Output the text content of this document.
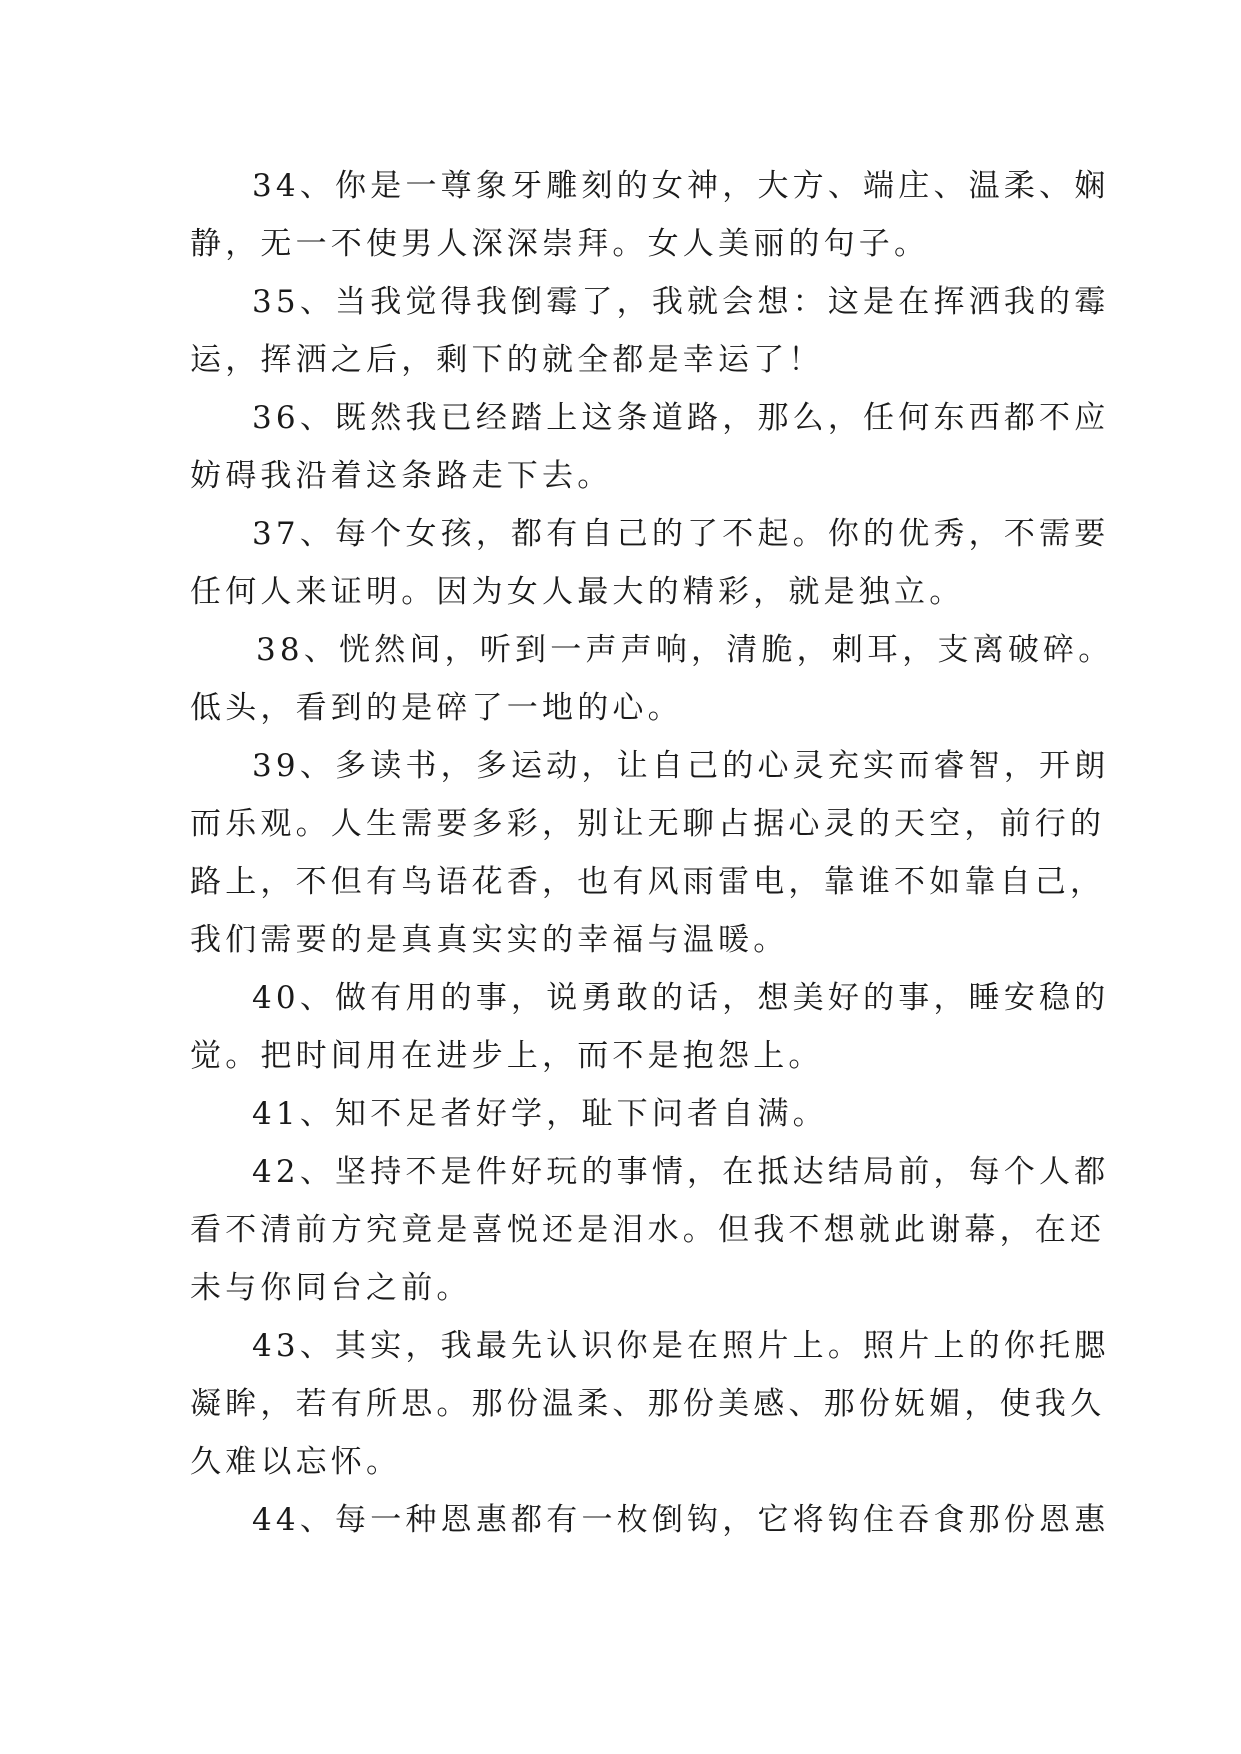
34、你是一尊象牙雕刻的女神，大方、端庄、温柔、娴
静，无一不使男人深深崇拜。女人美丽的句子。
35、当我觉得我倒霉了，我就会想：这是在挥洒我的霉
运，挥洒之后，剩下的就全都是幸运了！
36、既然我已经踏上这条道路，那么，任何东西都不应
妨碍我沿着这条路走下去。
37、每个女孩，都有自己的了不起。你的优秀，不需要
任何人来证明。因为女人最大的精彩，就是独立。
38、恍然间，听到一声声响，清脆，刺耳，支离破碎。
低头，看到的是碎了一地的心。
39、多读书，多运动，让自己的心灵充实而睿智，开朗
而乐观。人生需要多彩，别让无聊占据心灵的天空，前行的
路上，不但有鸟语花香，也有风雨雷电，靠谁不如靠自己，
我们需要的是真真实实的幸福与温暖。
40、做有用的事，说勇敢的话，想美好的事，睡安稳的
觉。把时间用在进步上，而不是抱怨上。
41、知不足者好学，耻下问者自满。
42、坚持不是件好玩的事情，在抵达结局前，每个人都
看不清前方究竟是喜悦还是泪水。但我不想就此谢幕，在还
未与你同台之前。
43、其实，我最先认识你是在照片上。照片上的你托腮
凝眸，若有所思。那份温柔、那份美感、那份妩媚，使我久
久难以忘怀。
44、每一种恩惠都有一枚倒钩，它将钩住吞食那份恩惠
